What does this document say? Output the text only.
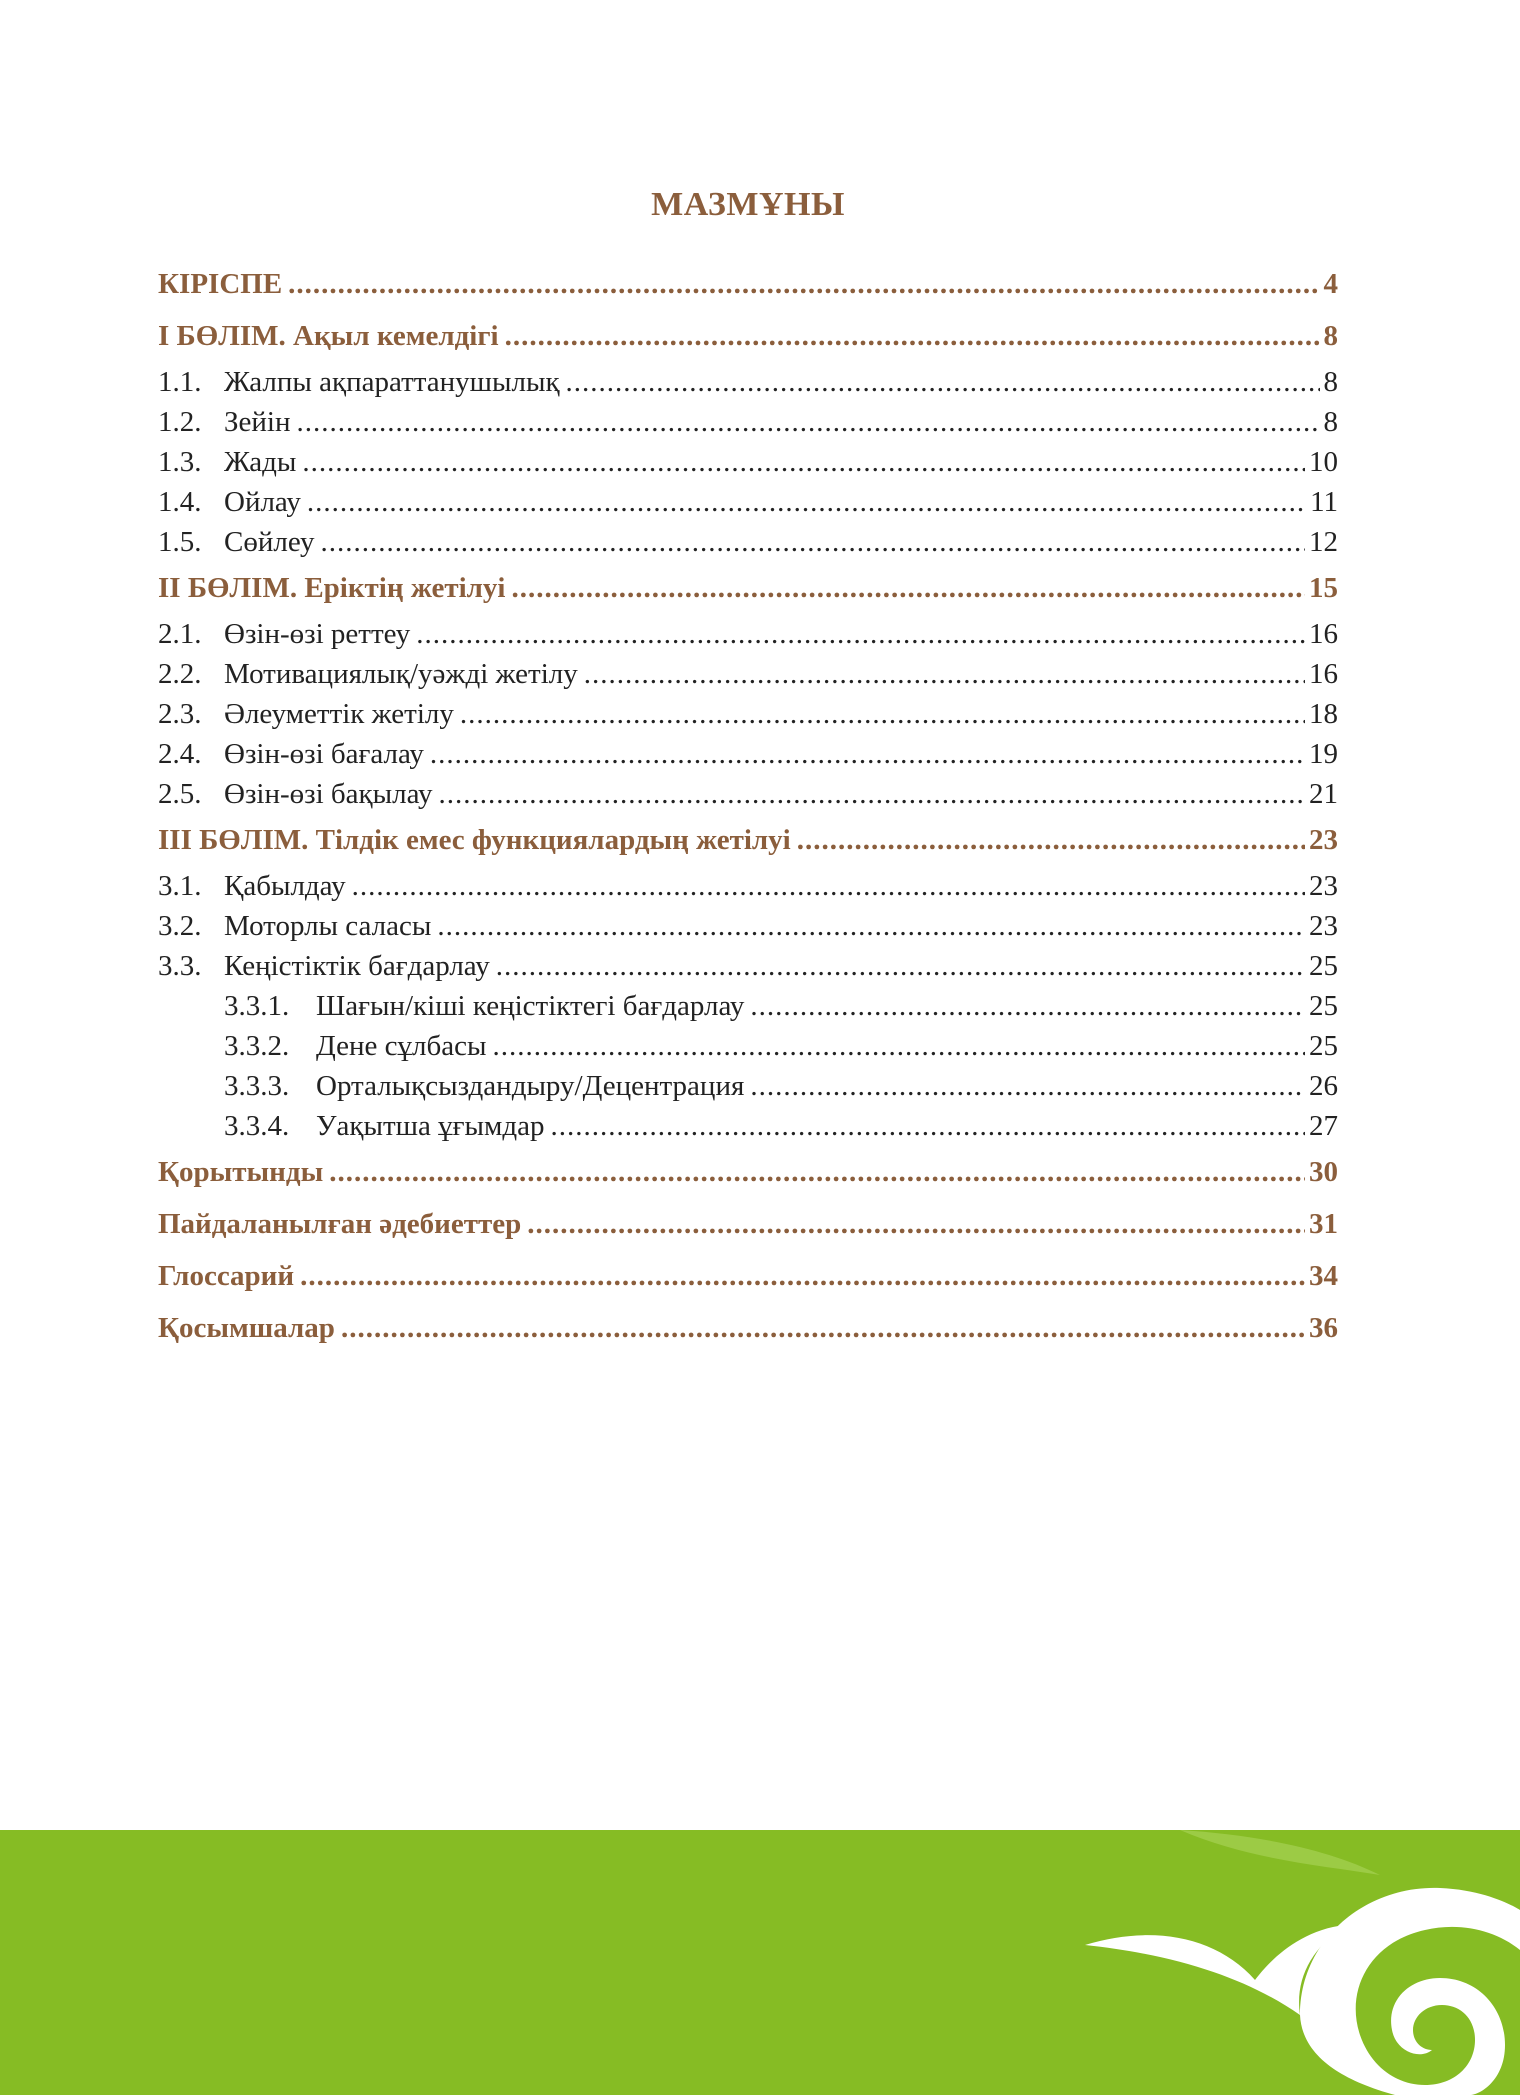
МАЗМҰНЫ
КІРІСПЕ .....	4
І БӨЛІМ. Ақыл кемелдігі .....	8
1.1. Жалпы ақпараттанушылық .....	8
1.2. Зейін .....	8
1.3. Жады .....	10
1.4. Ойлау .....	11
1.5. Сөйлеу .....	12
ІІ БӨЛІМ. Еріктің жетілуі .....	15
2.1. Өзін-өзі реттеу .....	16
2.2. Мотивациялық/уәжді жетілу .....	16
2.3. Әлеуметтік жетілу .....	18
2.4. Өзін-өзі бағалау .....	19
2.5. Өзін-өзі бақылау .....	21
ІІІ БӨЛІМ. Тілдік емес функциялардың жетілуі .....	23
3.1. Қабылдау .....	23
3.2. Моторлы саласы .....	23
3.3. Кеңістіктік бағдарлау .....	25
3.3.1. Шағын/кіші кеңістіктегі бағдарлау .....	25
3.3.2. Дене сұлбасы .....	25
3.3.3. Орталықсыздандыру/Децентрация .....	26
3.3.4. Уақытша ұғымдар .....	27
Қорытынды .....	30
Пайдаланылған әдебиеттер .....	31
Глоссарий .....	34
Қосымшалар .....	36
